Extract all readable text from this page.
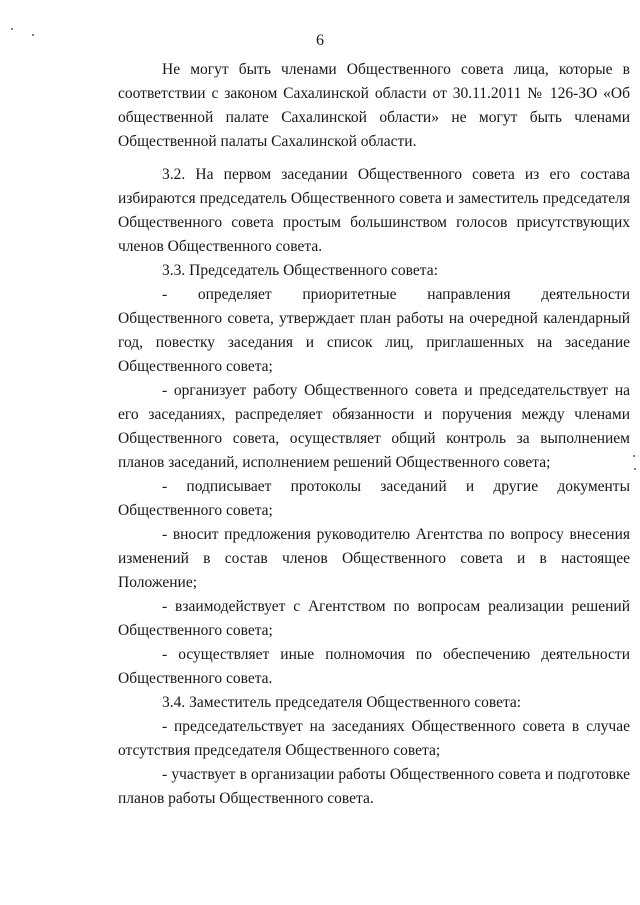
6

Не могут быть членами Общественного совета лица, которые в соответствии с законом Сахалинской области от 30.11.2011 № 126-ЗО «Об общественной палате Сахалинской области» не могут быть членами Общественной палаты Сахалинской области.

3.2. На первом заседании Общественного совета из его состава избираются председатель Общественного совета и заместитель председателя Общественного совета простым большинством голосов присутствующих членов Общественного совета.

3.3. Председатель Общественного совета:

- определяет приоритетные направления деятельности Общественного совета, утверждает план работы на очередной календарный год, повестку заседания и список лиц, приглашенных на заседание Общественного совета;

- организует работу Общественного совета и председательствует на его заседаниях, распределяет обязанности и поручения между членами Общественного совета, осуществляет общий контроль за выполнением планов заседаний, исполнением решений Общественного совета;

- подписывает протоколы заседаний и другие документы Общественного совета;

- вносит предложения руководителю Агентства по вопросу внесения изменений в состав членов Общественного совета и в настоящее Положение;

- взаимодействует с Агентством по вопросам реализации решений Общественного совета;

- осуществляет иные полномочия по обеспечению деятельности Общественного совета.

3.4. Заместитель председателя Общественного совета:

- председательствует на заседаниях Общественного совета в случае отсутствия председателя Общественного совета;

- участвует в организации работы Общественного совета и подготовке планов работы Общественного совета.
